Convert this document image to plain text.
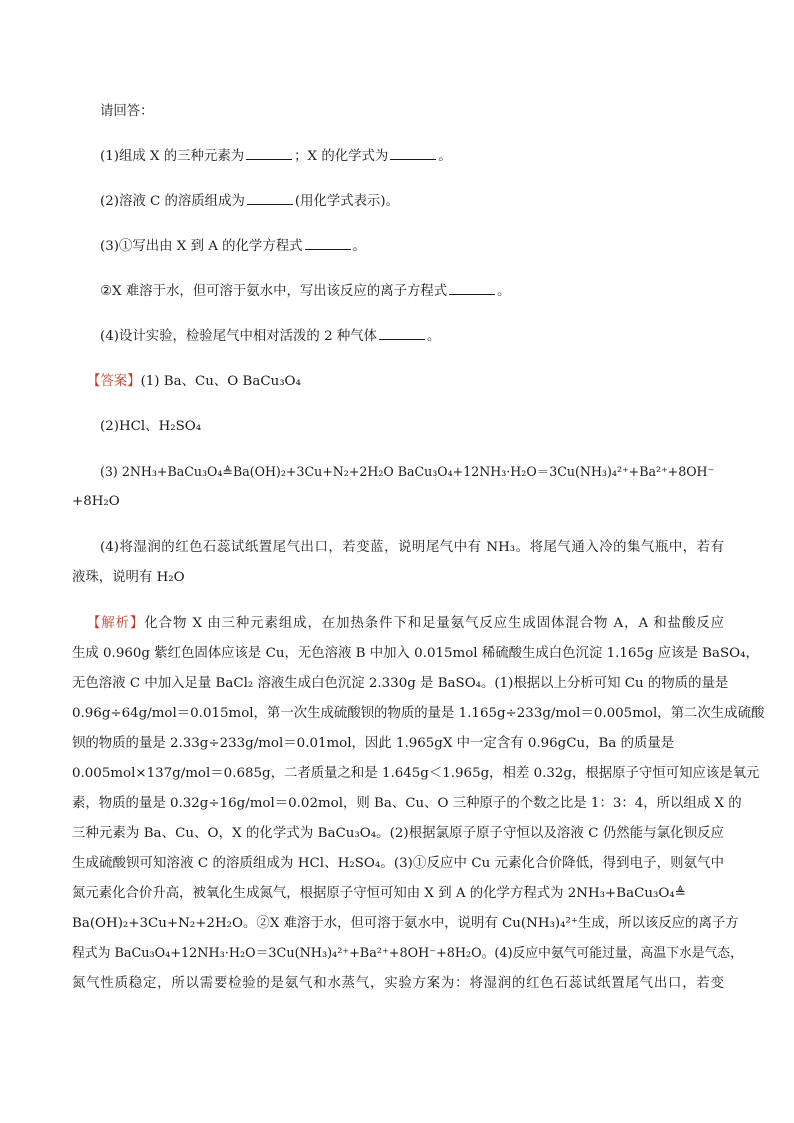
请回答：
(1)组成 X 的三种元素为	；X 的化学式为	。
(2)溶液 C 的溶质组成为	(用化学式表示)。
(3)①写出由 X 到 A 的化学方程式	。
②X 难溶于水，但可溶于氨水中，写出该反应的离子方程式	。
(4)设计实验，检验尾气中相对活泼的 2 种气体	。
【答案】(1) Ba、Cu、O BaCu₃O₄
(2)HCl、H₂SO₄
(3) 2NH₃+BaCu₃O₄≜Ba(OH)₂+3Cu+N₂+2H₂O BaCu₃O₄+12NH₃·H₂O＝3Cu(NH₃)₄²⁺+Ba²⁺+8OH⁻
+8H₂O
(4)将湿润的红色石蕊试纸置尾气出口，若变蓝，说明尾气中有 NH₃。将尾气通入冷的集气瓶中，若有
液珠，说明有 H₂O
【解析】化合物 X 由三种元素组成，在加热条件下和足量氨气反应生成固体混合物 A，A 和盐酸反应
生成 0.960g 紫红色固体应该是 Cu，无色溶液 B 中加入 0.015mol 稀硫酸生成白色沉淀 1.165g 应该是 BaSO₄，
无色溶液 C 中加入足量 BaCl₂ 溶液生成白色沉淀 2.330g 是 BaSO₄。(1)根据以上分析可知 Cu 的物质的量是
0.96g÷64g/mol＝0.015mol，第一次生成硫酸钡的物质的量是 1.165g÷233g/mol＝0.005mol，第二次生成硫酸
钡的物质的量是 2.33g÷233g/mol＝0.01mol，因此 1.965gX 中一定含有 0.96gCu，Ba 的质量是
0.005mol×137g/mol＝0.685g，二者质量之和是 1.645g＜1.965g，相差 0.32g，根据原子守恒可知应该是氧元
素，物质的量是 0.32g÷16g/mol＝0.02mol，则 Ba、Cu、O 三种原子的个数之比是 1：3：4，所以组成 X 的
三种元素为 Ba、Cu、O，X 的化学式为 BaCu₃O₄。(2)根据氯原子原子守恒以及溶液 C 仍然能与氯化钡反应
生成硫酸钡可知溶液 C 的溶质组成为 HCl、H₂SO₄。(3)①反应中 Cu 元素化合价降低，得到电子，则氨气中
氮元素化合价升高，被氧化生成氮气，根据原子守恒可知由 X 到 A 的化学方程式为 2NH₃+BaCu₃O₄≜
Ba(OH)₂+3Cu+N₂+2H₂O。②X 难溶于水，但可溶于氨水中，说明有 Cu(NH₃)₄²⁺生成，所以该反应的离子方
程式为 BaCu₃O₄+12NH₃·H₂O＝3Cu(NH₃)₄²⁺+Ba²⁺+8OH⁻+8H₂O。(4)反应中氨气可能过量，高温下水是气态，
氮气性质稳定，所以需要检验的是氨气和水蒸气，实验方案为：将湿润的红色石蕊试纸置尾气出口，若变
